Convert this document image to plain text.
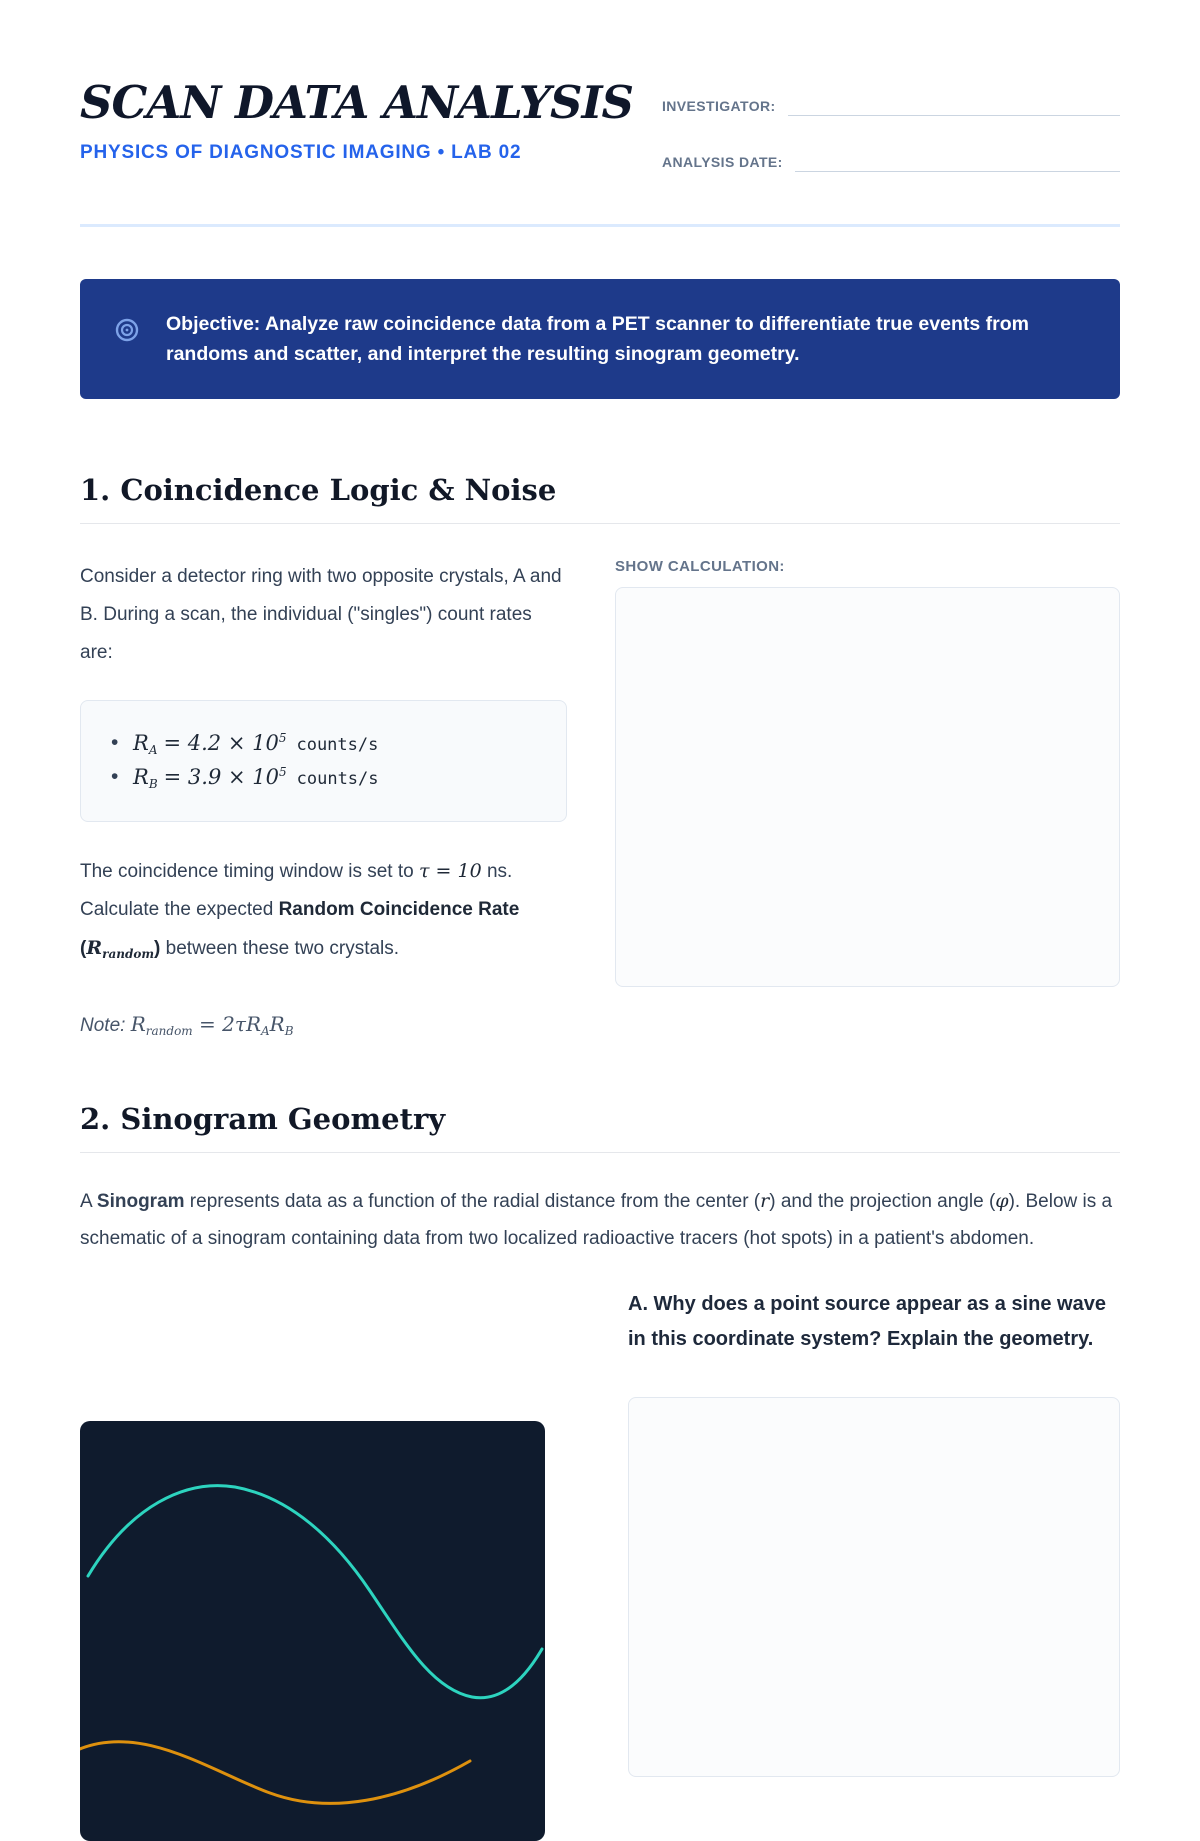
SCAN DATA ANALYSIS
PHYSICS OF DIAGNOSTIC IMAGING • LAB 02
INVESTIGATOR:
ANALYSIS DATE:
Objective: Analyze raw coincidence data from a PET scanner to differentiate true events from randoms and scatter, and interpret the resulting sinogram geometry.
1. Coincidence Logic & Noise

Consider a detector ring with two opposite crystals, A and B. During a scan, the individual ("singles") count rates are:

• $R_A = 4.2 \times 10^5$ counts/s
• $R_B = 3.9 \times 10^5$ counts/s

The coincidence timing window is set to τ = 10 ns. Calculate the expected Random Coincidence Rate $(R_{random})$ between these two crystals.

Note: $R_{random} = 2\tau R_AR_B$

SHOW CALCULATION:
2. Sinogram Geometry

A Sinogram represents data as a function of the radial distance from the center (r) and the projection angle (φ). Below is a schematic of a sinogram containing data from two localized radioactive tracers (hot spots) in a patient's abdomen.

A. Why does a point source appear as a sine wave in this coordinate system? Explain the geometry.
